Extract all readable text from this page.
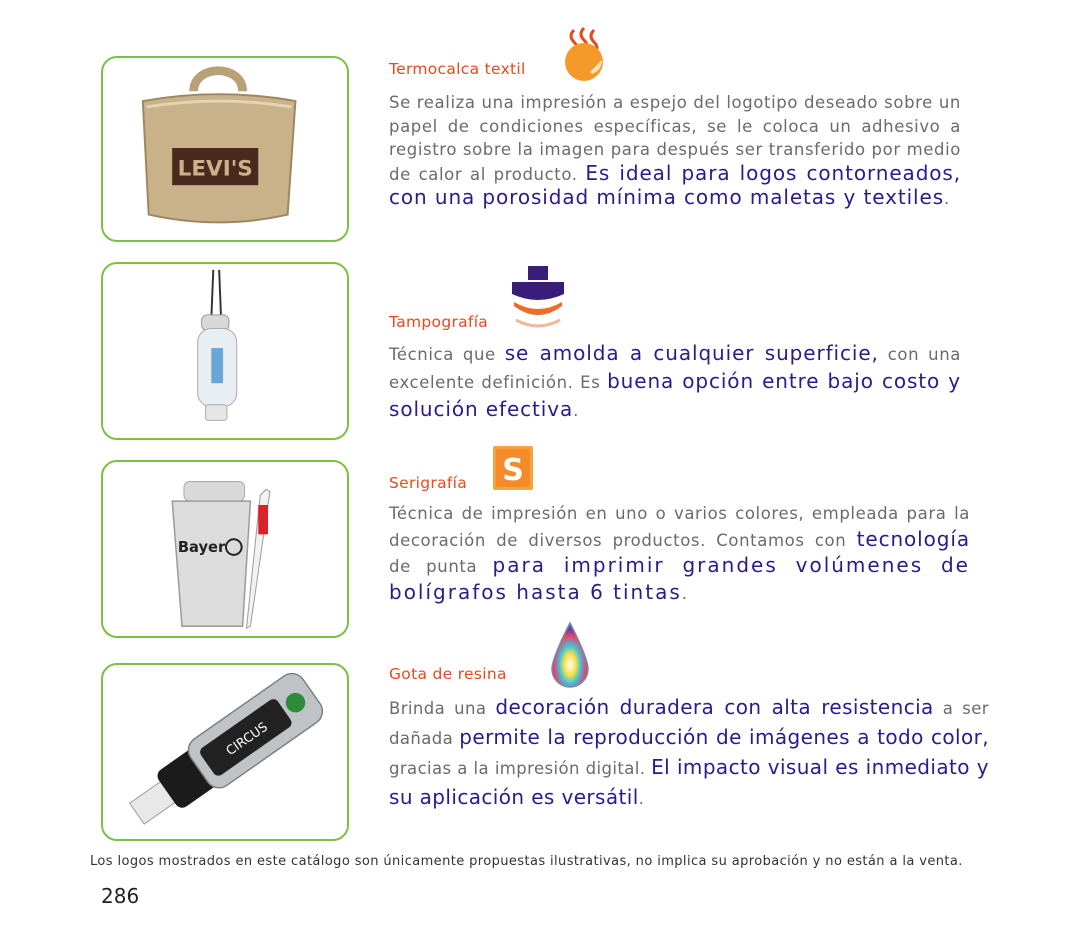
LEVI'S
Bayer
CIRCUS
Termocalca textil
Se realiza una impresión a espejo del logotipo deseado sobre un papel de condiciones específicas, se le coloca un adhesivo a registro sobre la imagen para después ser transferido por medio de calor al producto. Es ideal para logos contorneados, con una porosidad mínima como maletas y textiles.
Tampografía
Técnica que se amolda a cualquier superficie, con una excelente definición. Es buena opción entre bajo costo y solución efectiva.
Serigrafía S
Técnica de impresión en uno o varios colores, empleada para la decoración de diversos productos. Contamos con tecnología de punta para imprimir grandes volúmenes de bolígrafos hasta 6 tintas.
Gota de resina
Brinda una decoración duradera con alta resistencia a ser dañada permite la reproducción de imágenes a todo color, gracias a la impresión digital. El impacto visual es inmediato y su aplicación es versátil.
Los logos mostrados en este catálogo son únicamente propuestas ilustrativas, no implica su aprobación y no están a la venta.
286
